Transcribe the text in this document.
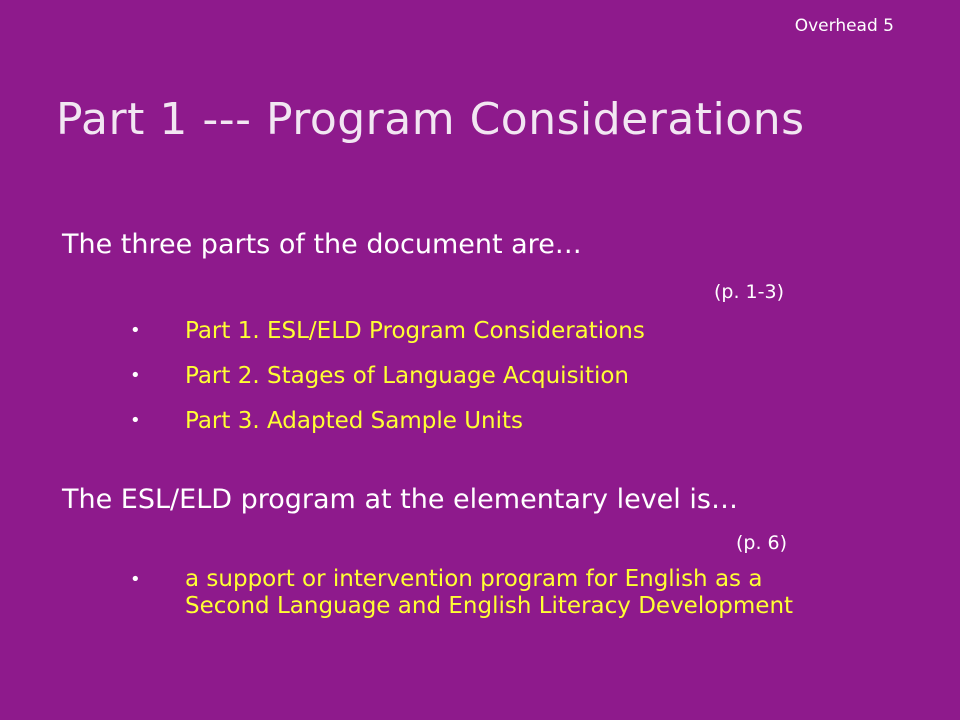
Overhead 5
Part 1 --- Program Considerations
The three parts of the document are…
(p. 1-3)
• Part 1. ESL/ELD Program Considerations
• Part 2. Stages of Language Acquisition
• Part 3. Adapted Sample Units
The ESL/ELD program at the elementary level is…
(p. 6)
• a support or intervention program for English as a Second Language and English Literacy Development
